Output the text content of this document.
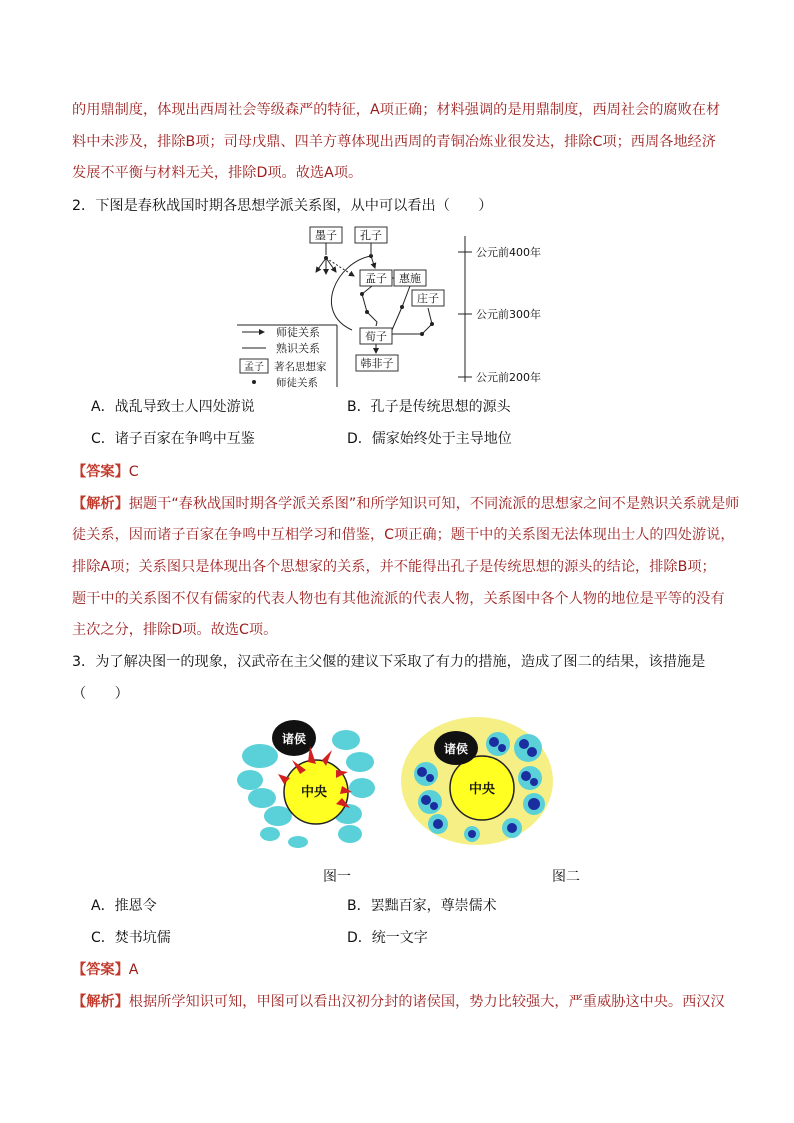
的用鼎制度，体现出西周社会等级森严的特征，A项正确；材料强调的是用鼎制度，西周社会的腐败在材
料中未涉及，排除B项；司母戊鼎、四羊方尊体现出西周的青铜冶炼业很发达，排除C项；西周各地经济
发展不平衡与材料无关，排除D项。故选A项。
2．下图是春秋战国时期各思想学派关系图，从中可以看出（　　）
墨子 孔子
孟子 惠施
庄子
荀子
韩非子
师徒关系
熟识关系
孟子 著名思想家
师徒关系
公元前400年
公元前300年
公元前200年
A．战乱导致士人四处游说	B．孔子是传统思想的源头
C．诸子百家在争鸣中互鉴	D．儒家始终处于主导地位
【答案】C
【解析】据题干“春秋战国时期各学派关系图”和所学知识可知，不同流派的思想家之间不是熟识关系就是师
徒关系，因而诸子百家在争鸣中互相学习和借鉴，C项正确；题干中的关系图无法体现出士人的四处游说，
排除A项；关系图只是体现出各个思想家的关系，并不能得出孔子是传统思想的源头的结论，排除B项；
题干中的关系图不仅有儒家的代表人物也有其他流派的代表人物，关系图中各个人物的地位是平等的没有
主次之分，排除D项。故选C项。
3．为了解决图一的现象，汉武帝在主父偃的建议下采取了有力的措施，造成了图二的结果，该措施是
（　　）
诸侯
中央
诸侯
中央
图一	图二
A．推恩令	B．罢黜百家，尊崇儒术
C．焚书坑儒	D．统一文字
【答案】A
【解析】根据所学知识可知，甲图可以看出汉初分封的诸侯国，势力比较强大，严重威胁这中央。西汉汉
